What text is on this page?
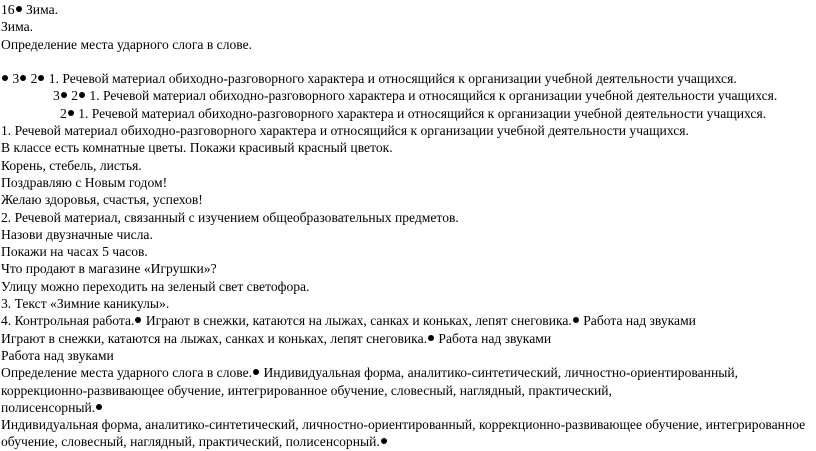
16 Зима.
Зима.
Определение места ударного слога в слове.
3 2 1. Речевой материал обиходно-разговорного характера и относящийся к организации учебной деятельности учащихся.
3 2 1. Речевой материал обиходно-разговорного характера и относящийся к организации учебной деятельности учащихся.
2 1. Речевой материал обиходно-разговорного характера и относящийся к организации учебной деятельности учащихся.
1. Речевой материал обиходно-разговорного характера и относящийся к организации учебной деятельности учащихся.
В классе есть комнатные цветы. Покажи красивый красный цветок.
Корень, стебель, листья.
Поздравляю с Новым годом!
Желаю здоровья, счастья, успехов!
2. Речевой материал, связанный с изучением общеобразовательных предметов.
Назови двузначные числа.
Покажи на часах 5 часов.
Что продают в магазине «Игрушки»?
Улицу можно переходить на зеленый свет светофора.
3. Текст «Зимние каникулы».
4. Контрольная работа. Играют в снежки, катаются на лыжах, санках и коньках, лепят снеговика. Работа над звуками
Играют в снежки, катаются на лыжах, санках и коньках, лепят снеговика. Работа над звуками
Работа над звуками
Определение места ударного слога в слове. Индивидуальная форма, аналитико-синтетический, личностно-ориентированный,
коррекционно-развивающее обучение, интегрированное обучение, словесный, наглядный, практический,
полисенсорный.
Индивидуальная форма, аналитико-синтетический, личностно-ориентированный, коррекционно-развивающее обучение, интегрированное
обучение, словесный, наглядный, практический, полисенсорный.
